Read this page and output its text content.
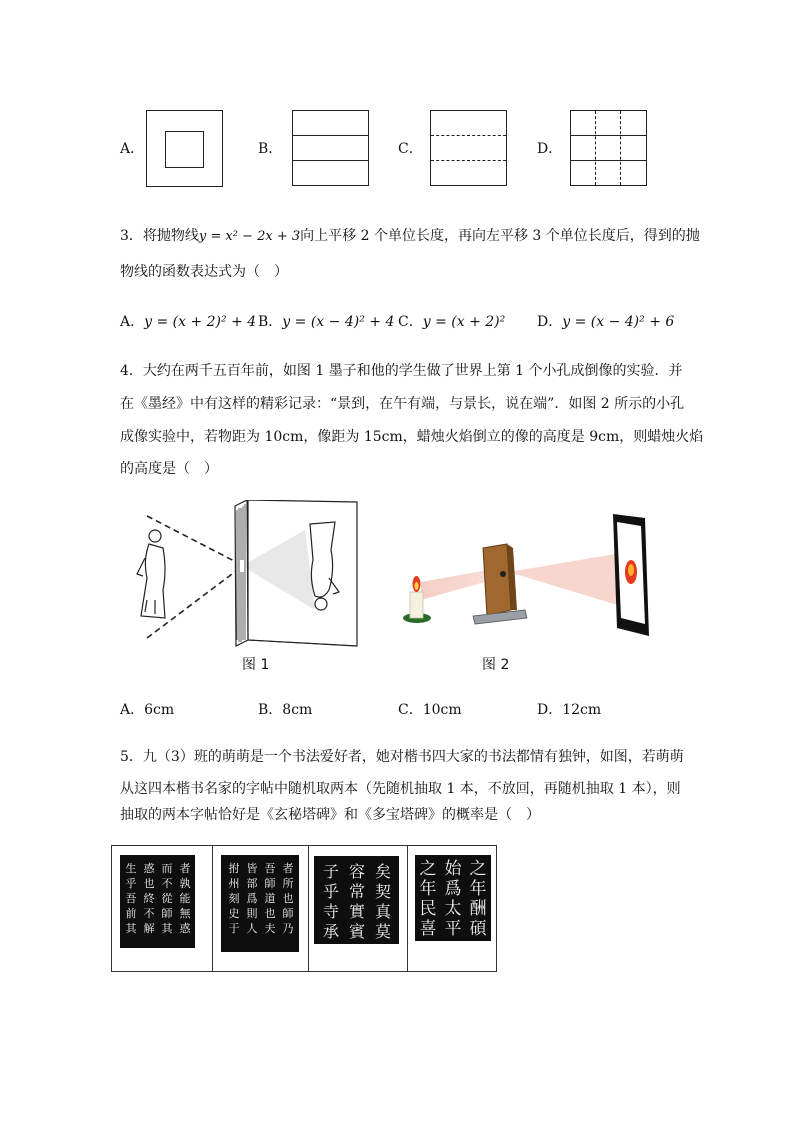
A．	B．	C．	D．
3．将抛物线y = x² − 2x + 3向上平移 2 个单位长度，再向左平移 3 个单位长度后，得到的抛
物线的函数表达式为（　）
A．y = (x + 2)² + 4 B．y = (x − 4)² + 4 C．y = (x + 2)² D．y = (x − 4)² + 6
4．大约在两千五百年前，如图 1 墨子和他的学生做了世界上第 1 个小孔成倒像的实验．并
在《墨经》中有这样的精彩记录：“景到，在午有端，与景长，说在端”．如图 2 所示的小孔
成像实验中，若物距为 10cm，像距为 15cm，蜡烛火焰倒立的像的高度是 9cm，则蜡烛火焰
的高度是（　）
图 1	图 2
A．6cm	B．8cm	C．10cm	D．12cm
5．九（3）班的萌萌是一个书法爱好者，她对楷书四大家的书法都情有独钟，如图，若萌萌
从这四本楷书名家的字帖中随机取两本（先随机抽取 1 本，不放回，再随机抽取 1 本），则
抽取的两本字帖恰好是《玄秘塔碑》和《多宝塔碑》的概率是（　）
者
孰
能
無
惑
而
不
從
師
其
惑
也
終
不
解
生
乎
吾
前
其
者
所
也
師
乃
吾
師
道
也
夫
皆
部
爲
則
人
拊
州
刻
史
于
矣
契
真
莫
容
常
實
賓
子
乎
寺
承
之
年
酬
碩
始
爲
太
平
之
年
民
喜
